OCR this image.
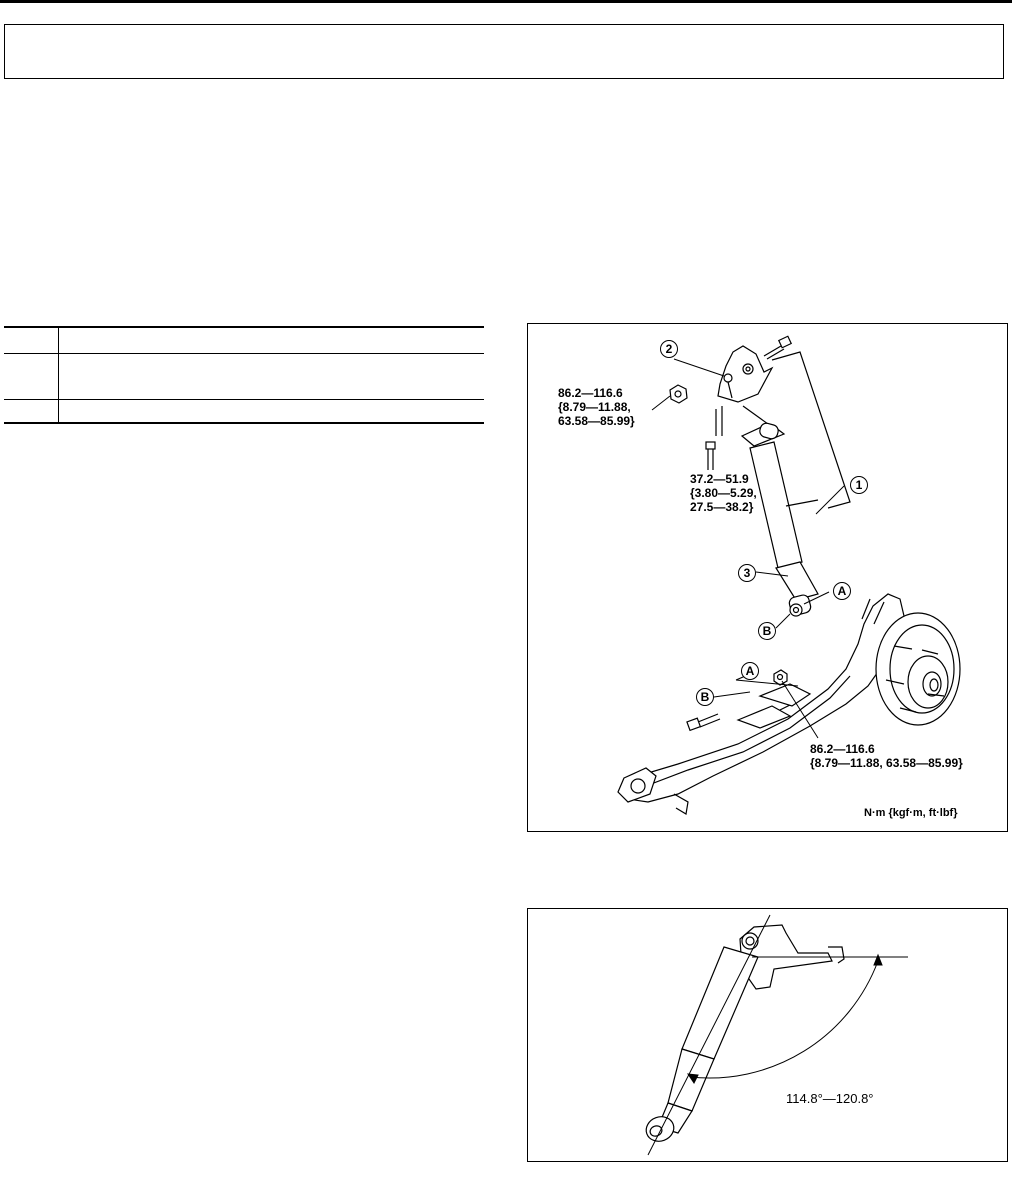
2
1
3
A
B
A
B
86.2—116.6
{8.79—11.88,
63.58—85.99}
37.2—51.9
{3.80—5.29,
27.5—38.2}
86.2—116.6
{8.79—11.88, 63.58—85.99}
N·m {kgf·m, ft·lbf}
114.8°—120.8°
